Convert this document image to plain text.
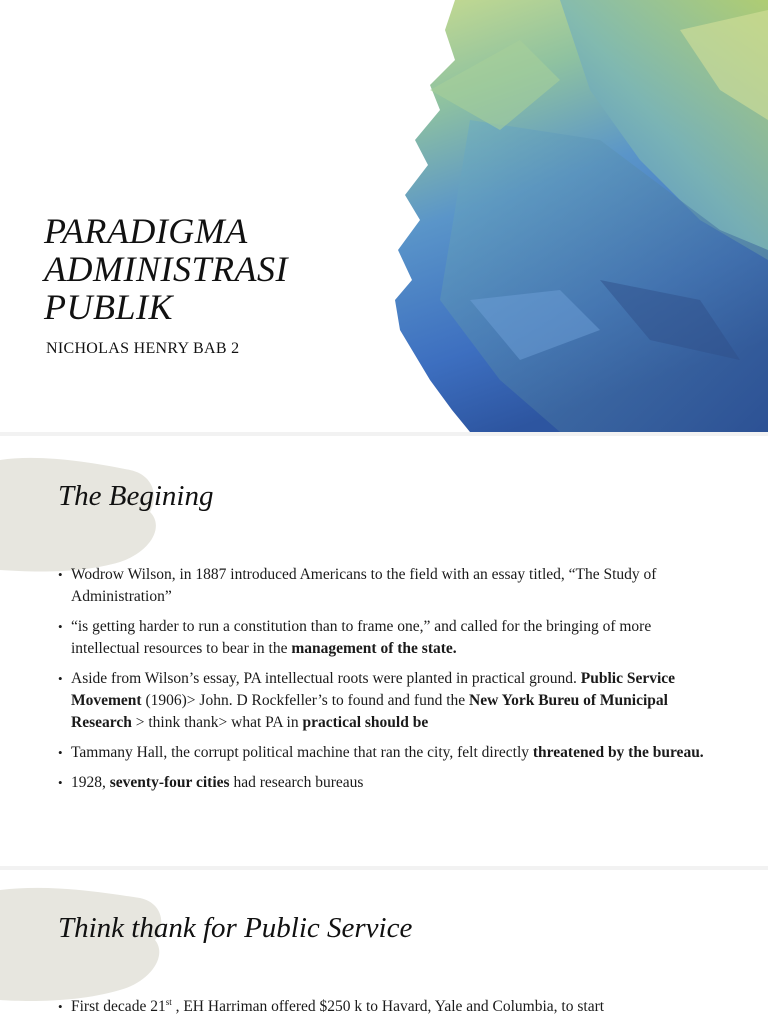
PARADIGMA
ADMINISTRASI
PUBLIK
NICHOLAS HENRY BAB 2
The Begining
• Wodrow Wilson, in 1887 introduced Americans to the field with an essay titled, “The Study of Administration”
• “is getting harder to run a constitution than to frame one,” and called for the bringing of more intellectual resources to bear in the management of the state.
• Aside from Wilson’s essay, PA intellectual roots were planted in practical ground. Public Service Movement (1906)> John. D Rockfeller’s to found and fund the New York Bureu of Municipal Research > think thank> what PA in practical should be
• Tammany Hall, the corrupt political machine that ran the city, felt directly threatened by the bureau.
• 1928, seventy-four cities had research bureaus
Think thank for Public Service
• First decade 21st , EH Harriman offered $250 k to Havard, Yale and Columbia, to start
